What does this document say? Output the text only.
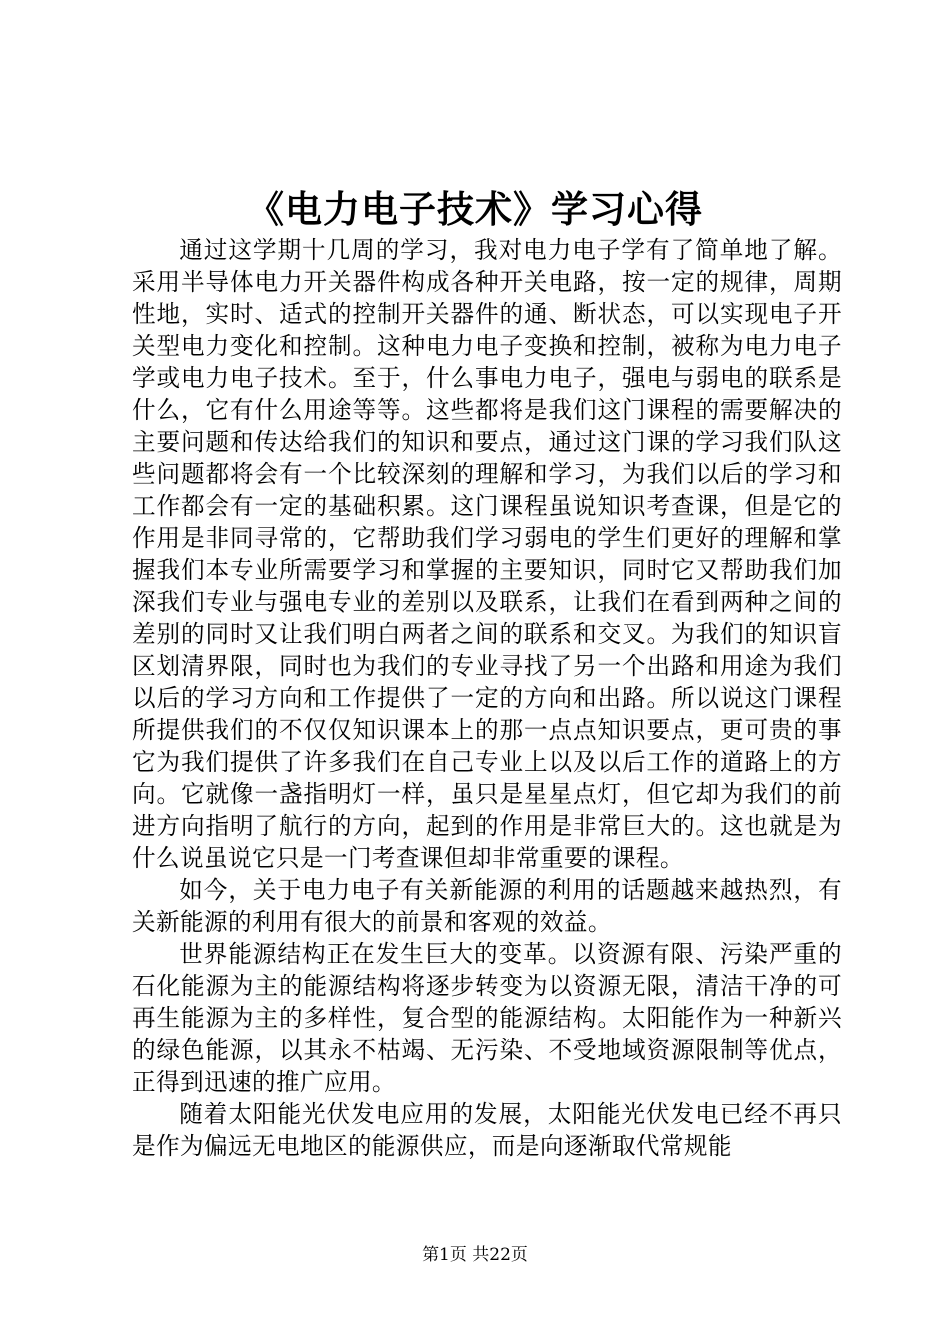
《电力电子技术》学习心得

通过这学期十几周的学习，我对电力电子学有了简单地了解。采用半导体电力开关器件构成各种开关电路，按一定的规律，周期性地，实时、适式的控制开关器件的通、断状态，可以实现电子开关型电力变化和控制。这种电力电子变换和控制，被称为电力电子学或电力电子技术。至于，什么事电力电子，强电与弱电的联系是什么，它有什么用途等等。这些都将是我们这门课程的需要解决的主要问题和传达给我们的知识和要点，通过这门课的学习我们队这些问题都将会有一个比较深刻的理解和学习，为我们以后的学习和工作都会有一定的基础积累。这门课程虽说知识考查课，但是它的作用是非同寻常的，它帮助我们学习弱电的学生们更好的理解和掌握我们本专业所需要学习和掌握的主要知识，同时它又帮助我们加深我们专业与强电专业的差别以及联系，让我们在看到两种之间的差别的同时又让我们明白两者之间的联系和交叉。为我们的知识盲区划清界限，同时也为我们的专业寻找了另一个出路和用途为我们以后的学习方向和工作提供了一定的方向和出路。所以说这门课程所提供我们的不仅仅知识课本上的那一点点知识要点，更可贵的事它为我们提供了许多我们在自己专业上以及以后工作的道路上的方向。它就像一盏指明灯一样，虽只是星星点灯，但它却为我们的前进方向指明了航行的方向，起到的作用是非常巨大的。这也就是为什么说虽说它只是一门考查课但却非常重要的课程。

如今，关于电力电子有关新能源的利用的话题越来越热烈，有关新能源的利用有很大的前景和客观的效益。

世界能源结构正在发生巨大的变革。以资源有限、污染严重的石化能源为主的能源结构将逐步转变为以资源无限，清洁干净的可再生能源为主的多样性，复合型的能源结构。太阳能作为一种新兴的绿色能源，以其永不枯竭、无污染、不受地域资源限制等优点，正得到迅速的推广应用。

随着太阳能光伏发电应用的发展，太阳能光伏发电已经不再只是作为偏远无电地区的能源供应，而是向逐渐取代常规能

第1页 共22页
